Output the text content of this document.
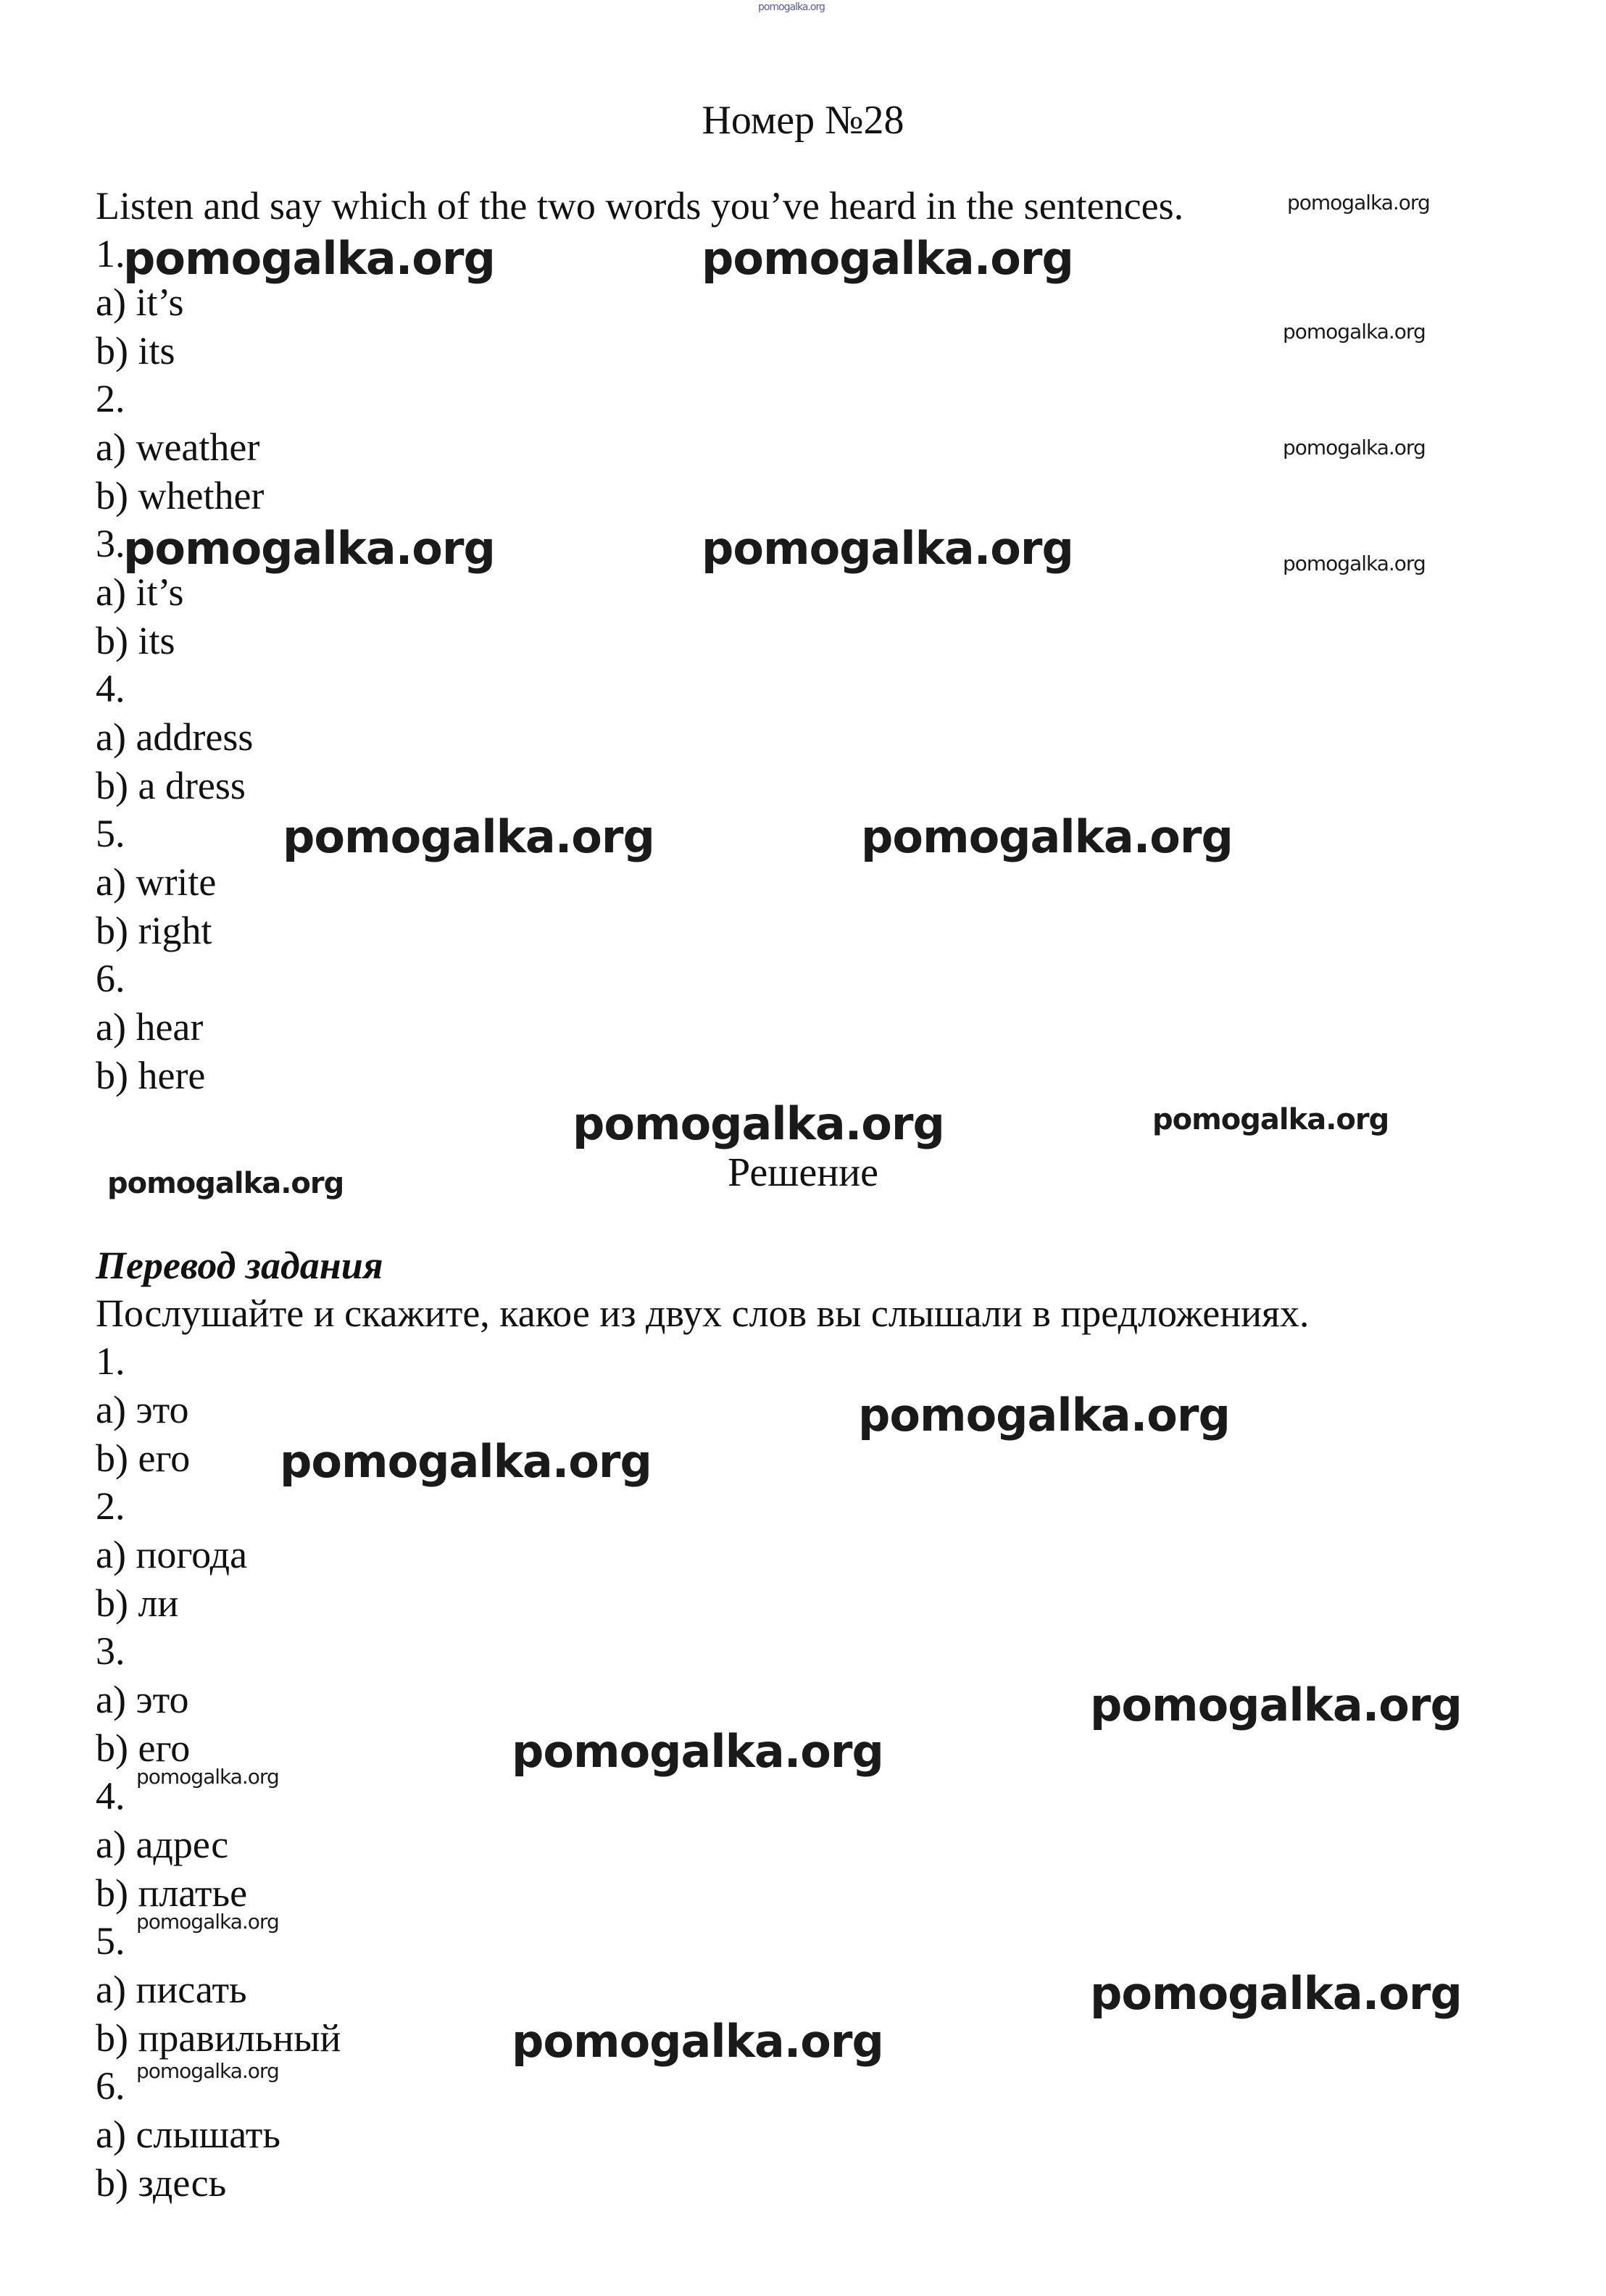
pomogalka.org
Номер №28
Listen and say which of the two words you’ve heard in the sentences.
1.
a) it’s
b) its
2.
a) weather
b) whether
3.
a) it’s
b) its
4.
a) address
b) a dress
5.
a) write
b) right
6.
a) hear
b) here
Решение
Перевод задания
Послушайте и скажите, какое из двух слов вы слышали в предложениях.
1.
a) это
b) его
2.
a) погода
b) ли
3.
a) это
b) его
4.
a) адрес
b) платье
5.
a) писать
b) правильный
6.
a) слышать
b) здесь
pomogalka.org
pomogalka.org	pomogalka.org
pomogalka.org
pomogalka.org
pomogalka.org	pomogalka.org	pomogalka.org
pomogalka.org	pomogalka.org
pomogalka.org	pomogalka.org
pomogalka.org
pomogalka.org
pomogalka.org
pomogalka.org
pomogalka.org
pomogalka.org
pomogalka.org
pomogalka.org
pomogalka.org
pomogalka.org
